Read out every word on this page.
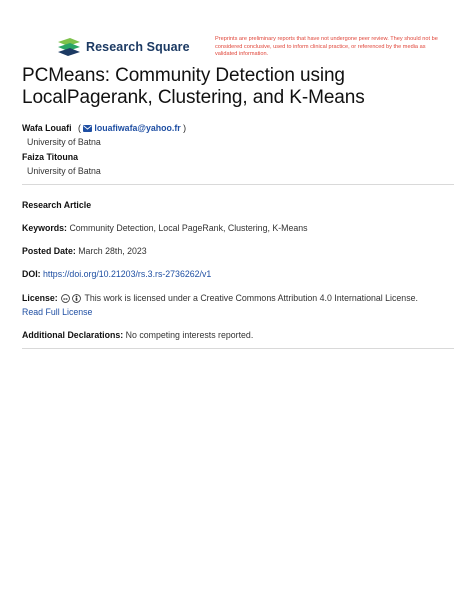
Research Square
Preprints are preliminary reports that have not undergone peer review. They should not be considered conclusive, used to inform clinical practice, or referenced by the media as validated information.
PCMeans: Community Detection using LocalPagerank, Clustering, and K-Means
Wafa Louafi ( louafiwafa@yahoo.fr )
University of Batna
Faiza Titouna
University of Batna
Research Article
Keywords: Community Detection, Local PageRank, Clustering, K-Means
Posted Date: March 28th, 2023
DOI: https://doi.org/10.21203/rs.3.rs-2736262/v1
License: cc This work is licensed under a Creative Commons Attribution 4.0 International License.
Read Full License
Additional Declarations: No competing interests reported.
